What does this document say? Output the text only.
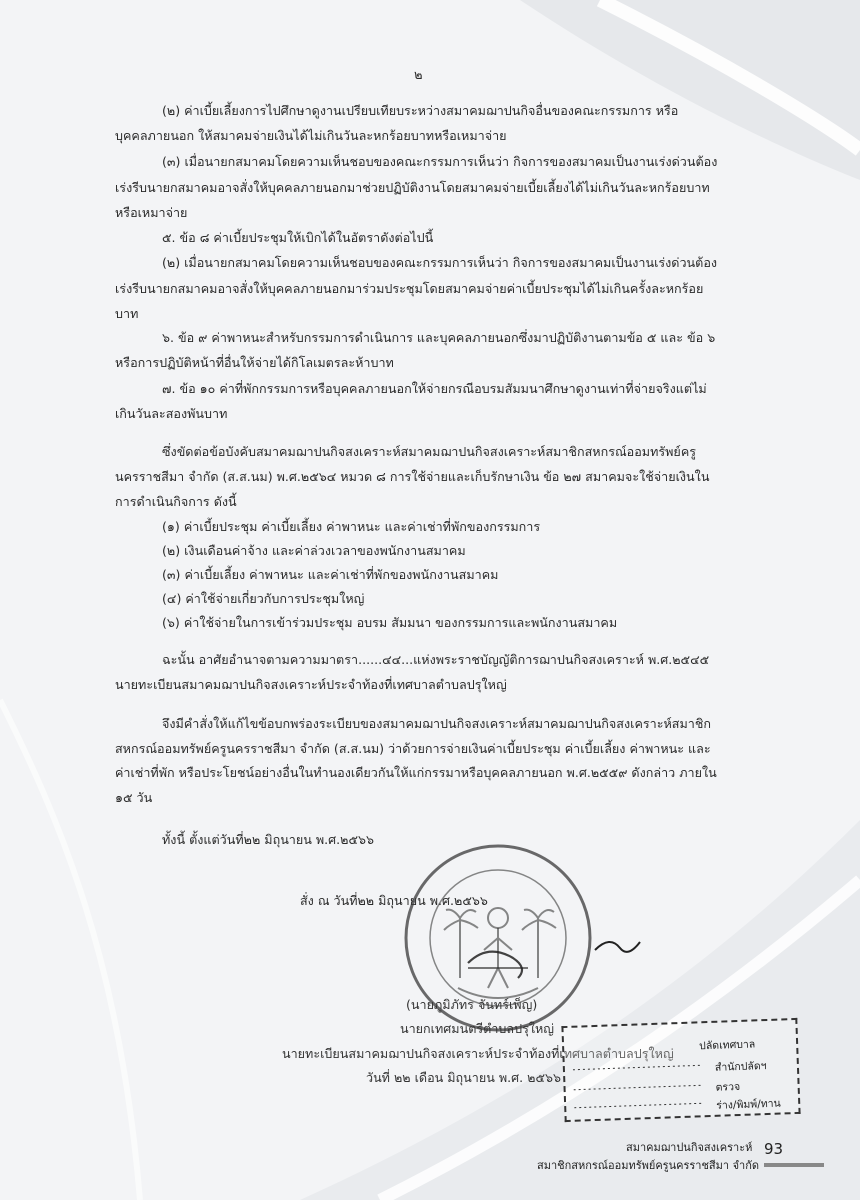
๒
(๒) ค่าเบี้ยเลี้ยงการไปศึกษาดูงานเปรียบเทียบระหว่างสมาคมฌาปนกิจอื่นของคณะกรรมการ หรือ
บุคคลภายนอก ให้สมาคมจ่ายเงินได้ไม่เกินวันละหกร้อยบาทหรือเหมาจ่าย
(๓) เมื่อนายกสมาคมโดยความเห็นชอบของคณะกรรมการเห็นว่า กิจการของสมาคมเป็นงานเร่งด่วนต้อง
เร่งรีบนายกสมาคมอาจสั่งให้บุคคลภายนอกมาช่วยปฏิบัติงานโดยสมาคมจ่ายเบี้ยเลี้ยงได้ไม่เกินวันละหกร้อยบาท
หรือเหมาจ่าย
๕. ข้อ ๘ ค่าเบี้ยประชุมให้เบิกได้ในอัตราดังต่อไปนี้
(๒) เมื่อนายกสมาคมโดยความเห็นชอบของคณะกรรมการเห็นว่า กิจการของสมาคมเป็นงานเร่งด่วนต้อง
เร่งรีบนายกสมาคมอาจสั่งให้บุคคลภายนอกมาร่วมประชุมโดยสมาคมจ่ายค่าเบี้ยประชุมได้ไม่เกินครั้งละหกร้อย
บาท
๖. ข้อ ๙ ค่าพาหนะสำหรับกรรมการดำเนินการ และบุคคลภายนอกซึ่งมาปฏิบัติงานตามข้อ ๕ และ ข้อ ๖
หรือการปฏิบัติหน้าที่อื่นให้จ่ายได้กิโลเมตรละห้าบาท
๗. ข้อ ๑๐ ค่าที่พักกรรมการหรือบุคคลภายนอกให้จ่ายกรณีอบรมสัมมนาศึกษาดูงานเท่าที่จ่ายจริงแต่ไม่
เกินวันละสองพันบาท
ซึ่งขัดต่อข้อบังคับสมาคมฌาปนกิจสงเคราะห์สมาคมฌาปนกิจสงเคราะห์สมาชิกสหกรณ์ออมทรัพย์ครู
นครราชสีมา จำกัด (ส.ส.นม) พ.ศ.๒๕๖๔ หมวด ๘ การใช้จ่ายและเก็บรักษาเงิน ข้อ ๒๗ สมาคมจะใช้จ่ายเงินใน
การดำเนินกิจการ ดังนี้
(๑) ค่าเบี้ยประชุม ค่าเบี้ยเลี้ยง ค่าพาหนะ และค่าเช่าที่พักของกรรมการ
(๒) เงินเดือนค่าจ้าง และค่าล่วงเวลาของพนักงานสมาคม
(๓) ค่าเบี้ยเลี้ยง ค่าพาหนะ และค่าเช่าที่พักของพนักงานสมาคม
(๔) ค่าใช้จ่ายเกี่ยวกับการประชุมใหญ่
(๖) ค่าใช้จ่ายในการเข้าร่วมประชุม อบรม สัมมนา ของกรรมการและพนักงานสมาคม
ฉะนั้น อาศัยอำนาจตามความมาตรา......๔๔...แห่งพระราชบัญญัติการฌาปนกิจสงเคราะห์ พ.ศ.๒๕๔๕
นายทะเบียนสมาคมฌาปนกิจสงเคราะห์ประจำท้องที่เทศบาลตำบลปรุใหญ่
จึงมีคำสั่งให้แก้ไขข้อบกพร่องระเบียบของสมาคมฌาปนกิจสงเคราะห์สมาคมฌาปนกิจสงเคราะห์สมาชิก
สหกรณ์ออมทรัพย์ครูนครราชสีมา จำกัด (ส.ส.นม) ว่าด้วยการจ่ายเงินค่าเบี้ยประชุม ค่าเบี้ยเลี้ยง ค่าพาหนะ และ
ค่าเช่าที่พัก หรือประโยชน์อย่างอื่นในทำนองเดียวกันให้แก่กรรมาหรือบุคคลภายนอก พ.ศ.๒๕๕๙ ดังกล่าว ภายใน
๑๕ วัน
ทั้งนี้ ตั้งแต่วันที่๒๒ มิถุนายน พ.ศ.๒๕๖๖
สั่ง ณ วันที่๒๒ มิถุนายน พ.ศ.๒๕๖๖
(นายภูมิภัทร จันทร์เพ็ญ)
นายกเทศมนตรีตำบลปรุใหญ่
นายทะเบียนสมาคมฌาปนกิจสงเคราะห์ประจำท้องที่เทศบาลตำบลปรุใหญ่
วันที่ ๒๒ เดือน มิถุนายน พ.ศ. ๒๕๖๖
ปลัดเทศบาล
สำนักปลัดฯ
ตรวจ
ร่าง/พิมพ์/ทาน
สมาคมฌาปนกิจสงเคราะห์
สมาชิกสหกรณ์ออมทรัพย์ครูนครราชสีมา จำกัด
93
